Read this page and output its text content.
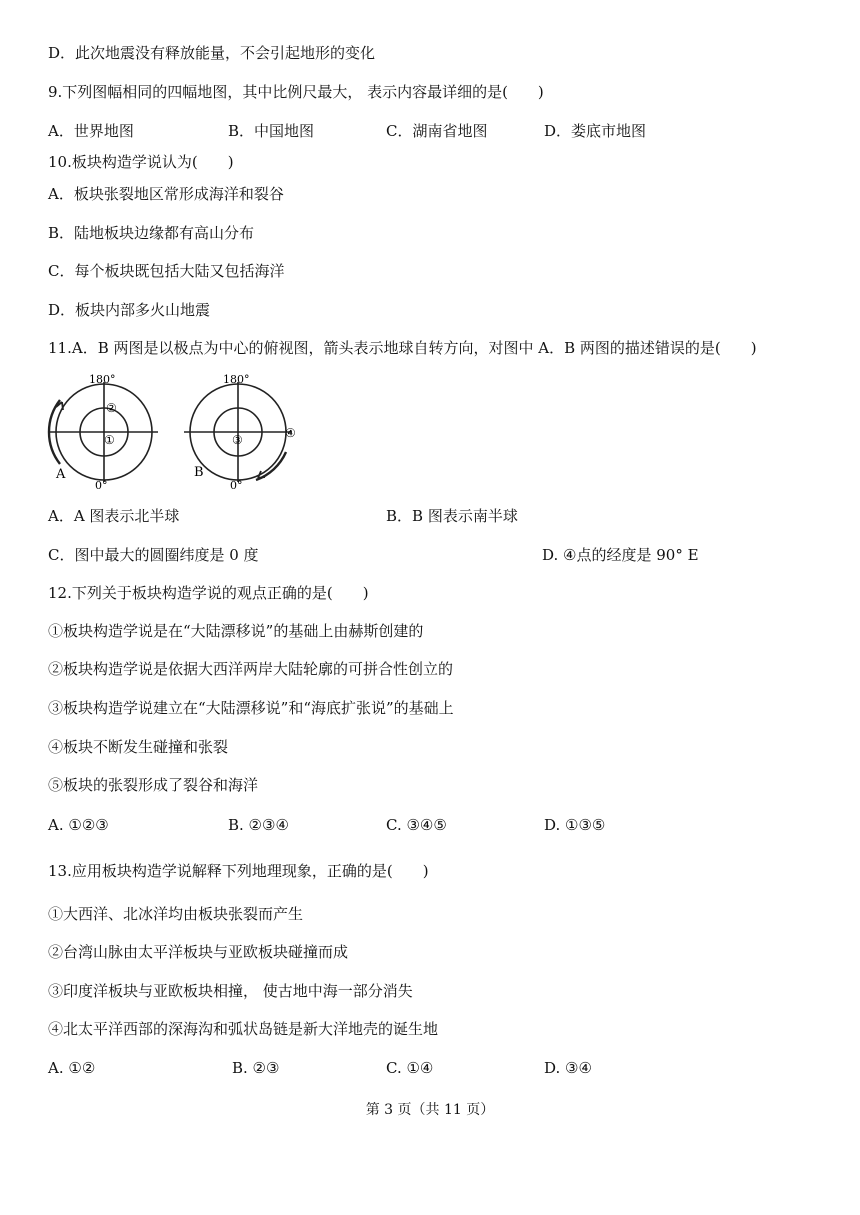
D．此次地震没有释放能量，不会引起地形的变化
9.下列图幅相同的四幅地图，其中比例尺最大， 表示内容最详细的是(　　)
A．世界地图	B．中国地图	C．湖南省地图	D．娄底市地图
10.板块构造学说认为(　　)
A．板块张裂地区常形成海洋和裂谷
B．陆地板块边缘都有高山分布
C．每个板块既包括大陆又包括海洋
D．板块内部多火山地震
11.A．B 两图是以极点为中心的俯视图，箭头表示地球自转方向，对图中 A．B 两图的描述错误的是(　　)
180°
0°
②
①
A
180°
0°
③	④
B
A．A 图表示北半球	B．B 图表示南半球
C．图中最大的圆圈纬度是 0 度	D. ④点的经度是 90° E
12.下列关于板块构造学说的观点正确的是(　　)
①板块构造学说是在“大陆漂移说”的基础上由赫斯创建的
②板块构造学说是依据大西洋两岸大陆轮廓的可拼合性创立的
③板块构造学说建立在“大陆漂移说”和“海底扩张说”的基础上
④板块不断发生碰撞和张裂
⑤板块的张裂形成了裂谷和海洋
A. ①②③	B. ②③④	C. ③④⑤	D. ①③⑤
13.应用板块构造学说解释下列地理现象，正确的是(　　)
①大西洋、北冰洋均由板块张裂而产生
②台湾山脉由太平洋板块与亚欧板块碰撞而成
③印度洋板块与亚欧板块相撞， 使古地中海一部分消失
④北太平洋西部的深海沟和弧状岛链是新大洋地壳的诞生地
A. ①②	B. ②③	C. ①④	D. ③④
第 3 页（共 11 页）
